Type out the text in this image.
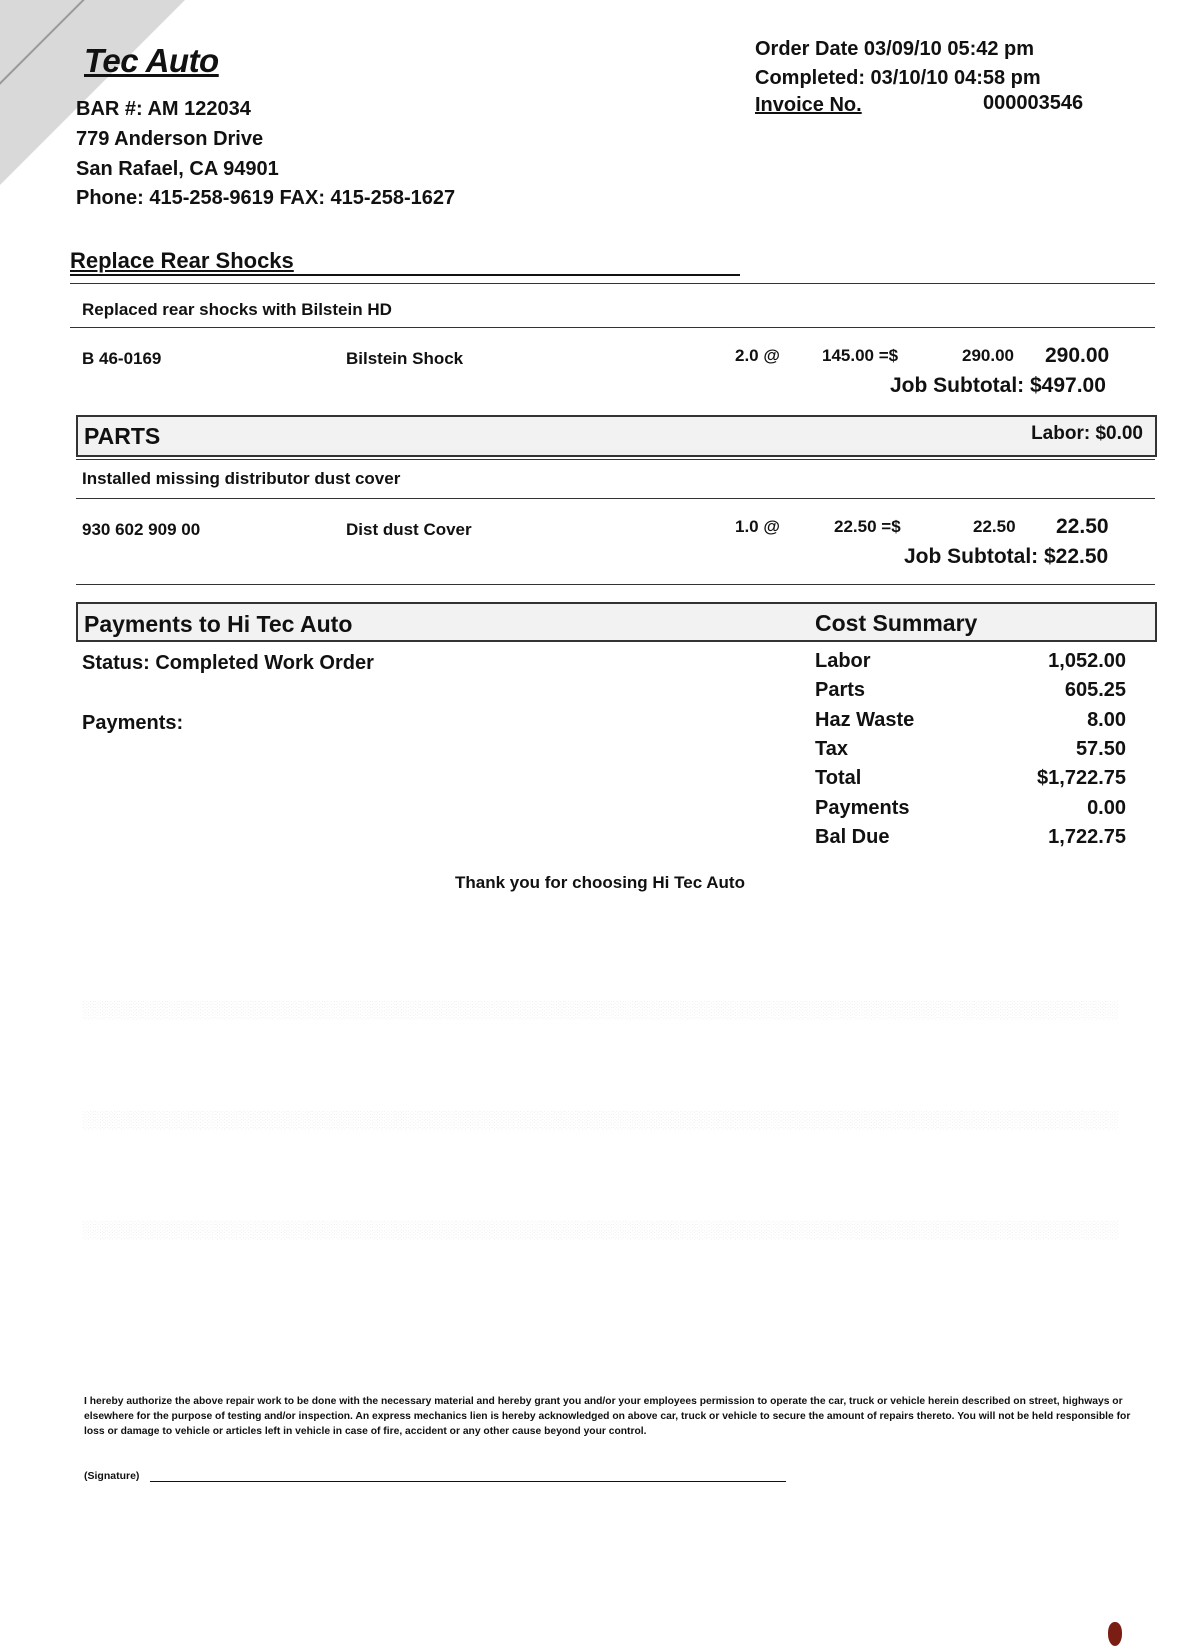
Tec Auto
BAR #: AM 122034
779 Anderson Drive
San Rafael, CA 94901
Phone: 415-258-9619 FAX: 415-258-1627
Order Date 03/09/10 05:42 pm
Completed: 03/10/10 04:58 pm
Invoice No.	000003546
Replace Rear Shocks
Replaced rear shocks with Bilstein HD
B 46-0169	Bilstein Shock	2.0 @ 145.00 =$	290.00 290.00
Job Subtotal: $497.00
PARTS	Labor: $0.00
Installed missing distributor dust cover
930 602 909 00	Dist dust Cover	1.0 @	22.50 =$	22.50 22.50
Job Subtotal: $22.50
Payments to Hi Tec Auto	Cost Summary
Status: Completed Work Order
Payments:
Labor	1,052.00
Parts	605.25
Haz Waste	8.00
Tax	57.50
Total	$1,722.75
Payments	0.00
Bal Due	1,722.75
Thank you for choosing Hi Tec Auto
░░░░░░░░░░░░░░░░░░░░░░░░░░░░░░░░░░░░░░░░░░░░░░░░░░░░░░░░░░░░░░░░░░░░░░░░░░░░░░░░░░░░░░
░░░░░░░░░░░░░░░░░░░░░░░░░░░░░░░░░░░░░░░░░░░░░░░░░░░░░░░░░░░░░░░░░░░░░░░░░░░░░░░░░░░░░░
░░░░░░░░░░░░░░░░░░░░░░░░░░░░░░░░░░░░░░░░░░░░░░░░░░░░░░░░░░░░░░░░░░░░░░░░░░░░░░░░░░░░░░
I hereby authorize the above repair work to be done with the necessary material and hereby grant you and/or your employees permission to operate the car, truck or vehicle herein described on street, highways or elsewhere for the purpose of testing and/or inspection. An express mechanics lien is hereby acknowledged on above car, truck or vehicle to secure the amount of repairs thereto. You will not be held responsible for loss or damage to vehicle or articles left in vehicle in case of fire, accident or any other cause beyond your control.
(Signature)
